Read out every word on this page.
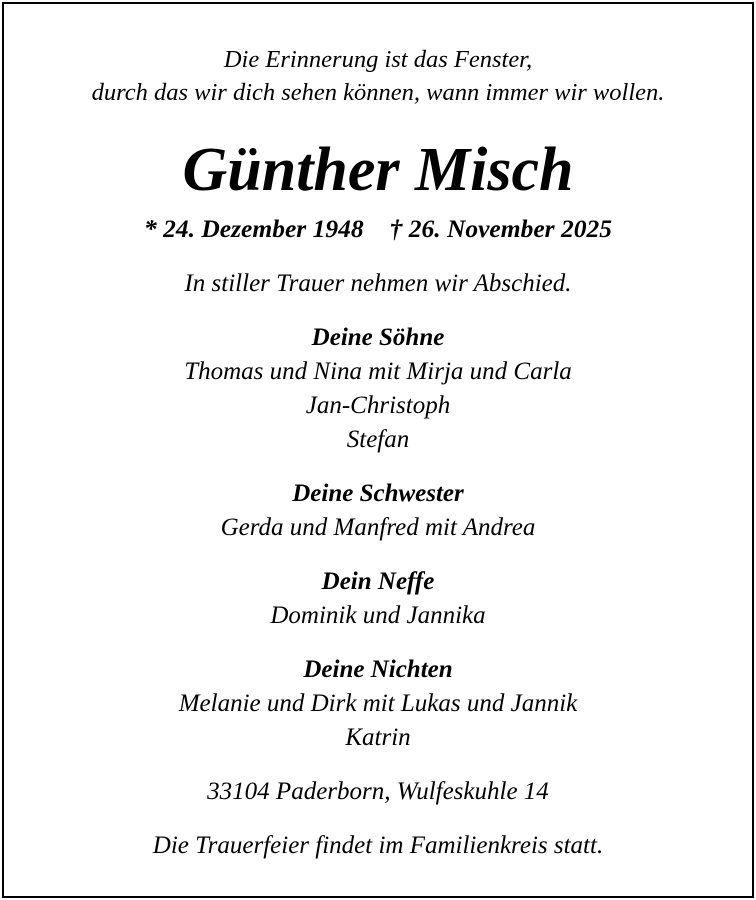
Die Erinnerung ist das Fenster,
durch das wir dich sehen können, wann immer wir wollen.
Günther Misch
* 24. Dezember 1948 † 26. November 2025
In stiller Trauer nehmen wir Abschied.
Deine Söhne
Thomas und Nina mit Mirja und Carla
Jan-Christoph
Stefan
Deine Schwester
Gerda und Manfred mit Andrea
Dein Neffe
Dominik und Jannika
Deine Nichten
Melanie und Dirk mit Lukas und Jannik
Katrin
33104 Paderborn, Wulfeskuhle 14
Die Trauerfeier findet im Familienkreis statt.
